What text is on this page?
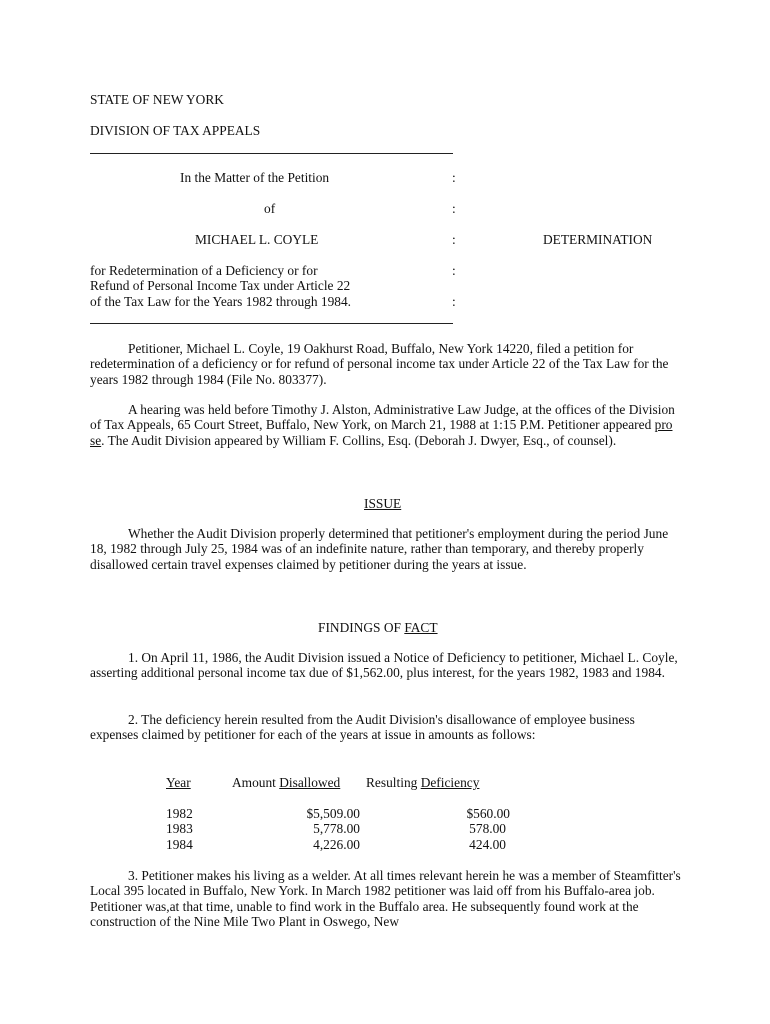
STATE OF NEW YORK
DIVISION OF TAX APPEALS
In the Matter of the Petition
of
MICHAEL L. COYLE
for Redetermination of a Deficiency or for
Refund of Personal Income Tax under Article 22
of the Tax Law for the Years 1982 through 1984.
:
:
:
:
:
DETERMINATION
Petitioner, Michael L. Coyle, 19 Oakhurst Road, Buffalo, New York 14220, filed a petition for redetermination of a deficiency or for refund of personal income tax under Article 22 of the Tax Law for the years 1982 through 1984 (File No. 803377).
A hearing was held before Timothy J. Alston, Administrative Law Judge, at the offices of the Division of Tax Appeals, 65 Court Street, Buffalo, New York, on March 21, 1988 at 1:15 P.M. Petitioner appeared pro se. The Audit Division appeared by William F. Collins, Esq. (Deborah J. Dwyer, Esq., of counsel).
ISSUE
Whether the Audit Division properly determined that petitioner's employment during the period June 18, 1982 through July 25, 1984 was of an indefinite nature, rather than temporary, and thereby properly disallowed certain travel expenses claimed by petitioner during the years at issue.
FINDINGS OF FACT
1. On April 11, 1986, the Audit Division issued a Notice of Deficiency to petitioner, Michael L. Coyle, asserting additional personal income tax due of $1,562.00, plus interest, for the years 1982, 1983 and 1984.
2. The deficiency herein resulted from the Audit Division's disallowance of employee business expenses claimed by petitioner for each of the years at issue in amounts as follows:
Year	Amount Disallowed Resulting Deficiency
1982	$5,509.00	$560.00
1983	5,778.00	578.00
1984	4,226.00	424.00
3. Petitioner makes his living as a welder. At all times relevant herein he was a member of Steamfitter's Local 395 located in Buffalo, New York. In March 1982 petitioner was laid off from his Buffalo-area job. Petitioner was,at that time, unable to find work in the Buffalo area. He subsequently found work at the construction of the Nine Mile Two Plant in Oswego, New
